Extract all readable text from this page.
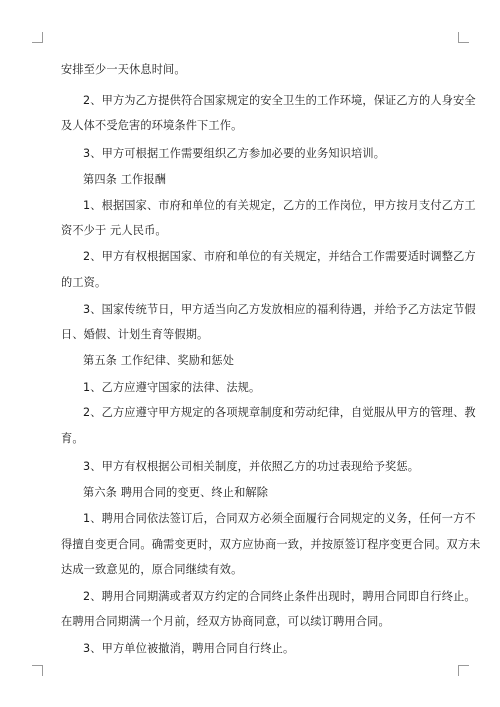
安排至少一天休息时间。
2、甲方为乙方提供符合国家规定的安全卫生的工作环境，保证乙方的人身安全
及人体不受危害的环境条件下工作。
3、甲方可根据工作需要组织乙方参加必要的业务知识培训。
第四条 工作报酬
1、根据国家、市府和单位的有关规定，乙方的工作岗位，甲方按月支付乙方工
资不少于 元人民币。
2、甲方有权根据国家、市府和单位的有关规定，并结合工作需要适时调整乙方
的工资。
3、国家传统节日，甲方适当向乙方发放相应的福利待遇，并给予乙方法定节假
日、婚假、计划生育等假期。
第五条 工作纪律、奖励和惩处
1、乙方应遵守国家的法律、法规。
2、乙方应遵守甲方规定的各项规章制度和劳动纪律，自觉服从甲方的管理、教
育。
3、甲方有权根据公司相关制度，并依照乙方的功过表现给予奖惩。
第六条 聘用合同的变更、终止和解除
1、聘用合同依法签订后，合同双方必须全面履行合同规定的义务，任何一方不
得擅自变更合同。确需变更时，双方应协商一致，并按原签订程序变更合同。双方未
达成一致意见的，原合同继续有效。
2、聘用合同期满或者双方约定的合同终止条件出现时，聘用合同即自行终止。
在聘用合同期满一个月前，经双方协商同意，可以续订聘用合同。
3、甲方单位被撤消，聘用合同自行终止。
